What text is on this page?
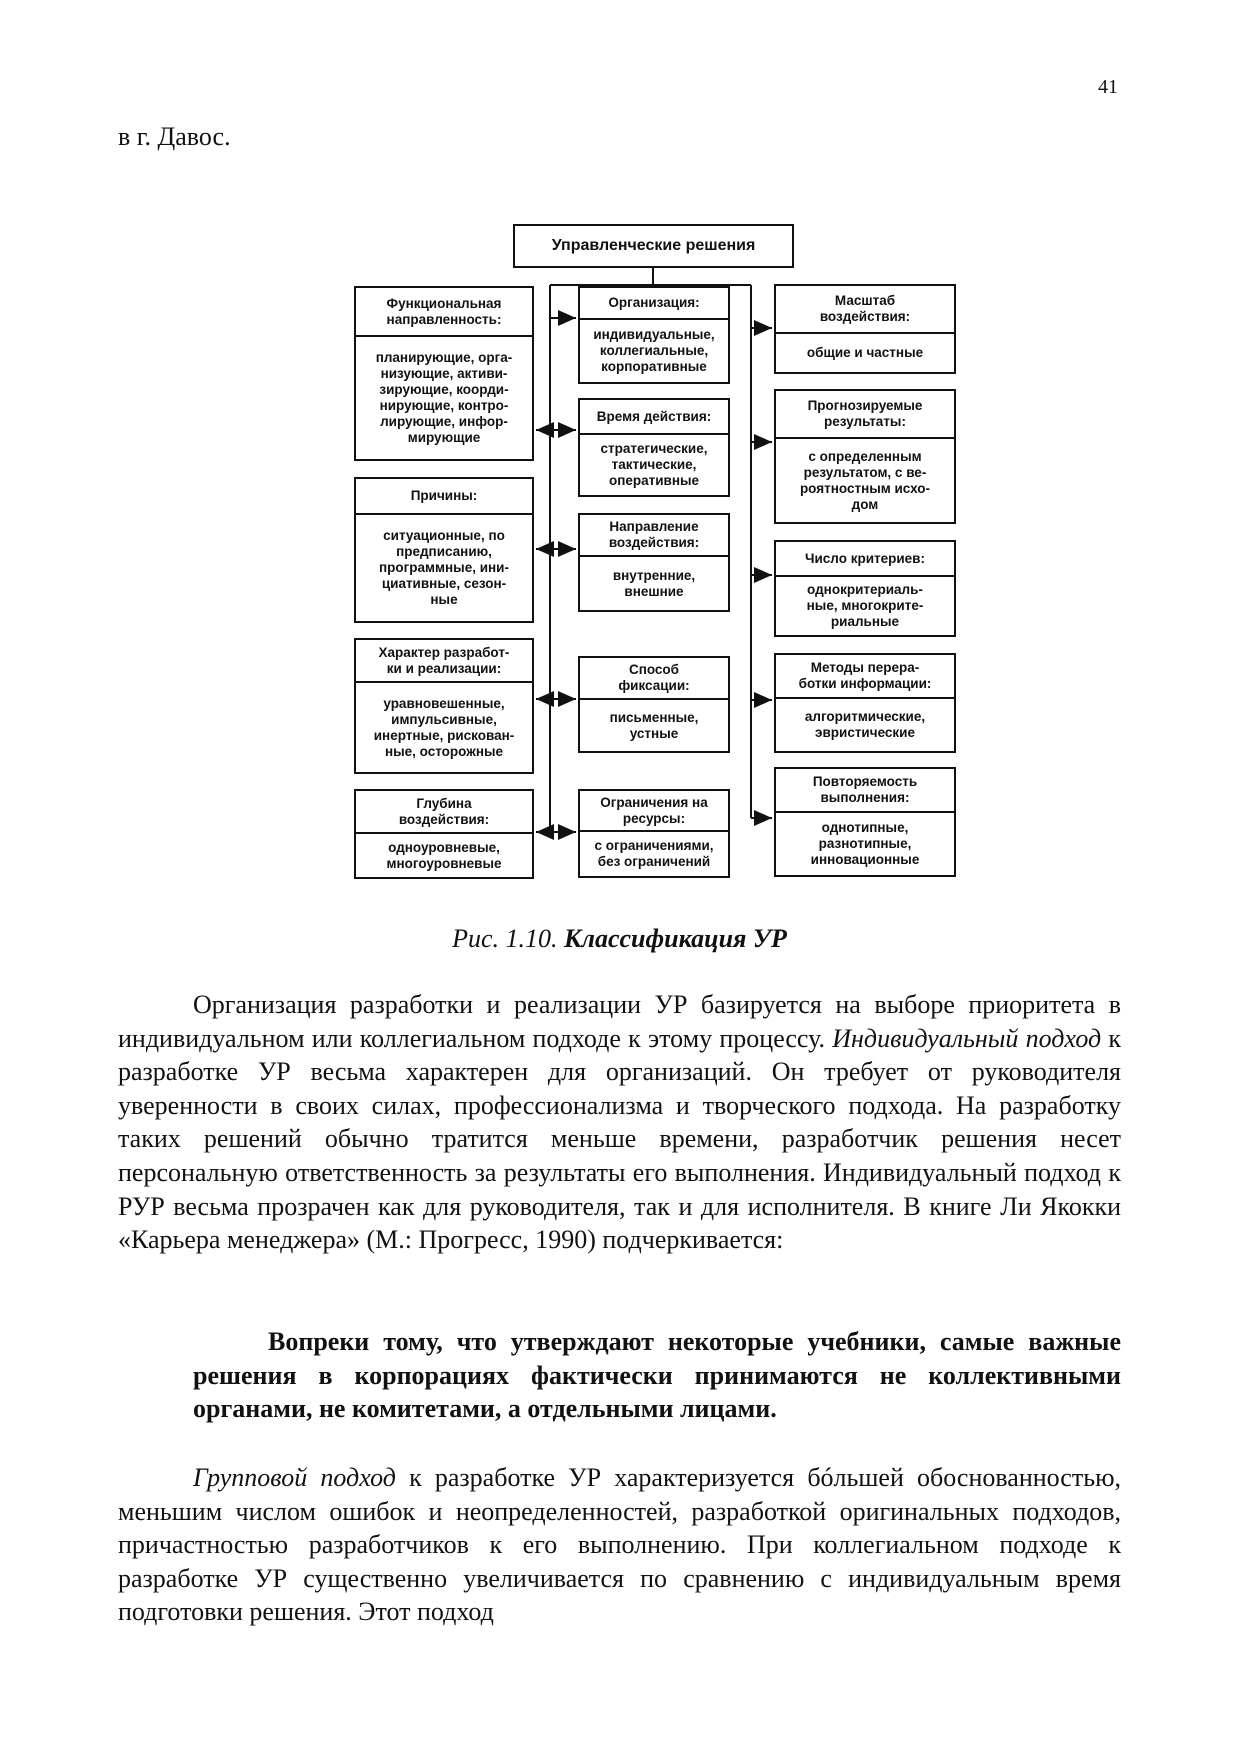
41
в г. Давос.
Управленческие решения
Функциональная
направленность:
планирующие, орга-
низующие, активи-
зирующие, коорди-
нирующие, контро-
лирующие, инфор-
мирующие
Причины:
ситуационные, по
предписанию,
программные, ини-
циативные, сезон-
ные
Характер разработ-
ки и реализации:
уравновешенные,
импульсивные,
инертные, рискован-
ные, осторожные
Глубина
воздействия:
одноуровневые,
многоуровневые
Организация:
индивидуальные,
коллегиальные,
корпоративные
Время действия:
стратегические,
тактические,
оперативные
Направление
воздействия:
внутренние,
внешние
Способ
фиксации:
письменные,
устные
Ограничения на
ресурсы:
с ограничениями,
без ограничений
Масштаб
воздействия:
общие и частные
Прогнозируемые
результаты:
с определенным
результатом, с ве-
роятностным исхо-
дом
Число критериев:
однокритериаль-
ные, многокрите-
риальные
Методы перера-
ботки информации:
алгоритмические,
эвристические
Повторяемость
выполнения:
однотипные,
разнотипные,
инновационные
Рис. 1.10. Классификация УР
Организация разработки и реализации УР базируется на выборе приоритета в индивидуальном или коллегиальном подходе к этому процессу. Индивидуальный подход к разработке УР весьма характерен для организаций. Он требует от руководителя уверенности в своих силах, профессионализма и творческого подхода. На разработку таких решений обычно тратится меньше времени, разработчик решения несет персональную ответственность за результаты его выполнения. Индивидуальный подход к РУР весьма прозрачен как для руководителя, так и для исполнителя. В книге Ли Якокки «Карьера менеджера» (М.: Прогресс, 1990) подчеркивается:
Вопреки тому, что утверждают некоторые учебники, самые важные решения в корпорациях фактически принимаются не коллективными органами, не комитетами, а отдельными лицами.
Групповой подход к разработке УР характеризуется бóльшей обоснованностью, меньшим числом ошибок и неопределенностей, разработкой оригинальных подходов, причастностью разработчиков к его выполнению. При коллегиальном подходе к разработке УР существенно увеличивается по сравнению с индивидуальным время подготовки решения. Этот подход
